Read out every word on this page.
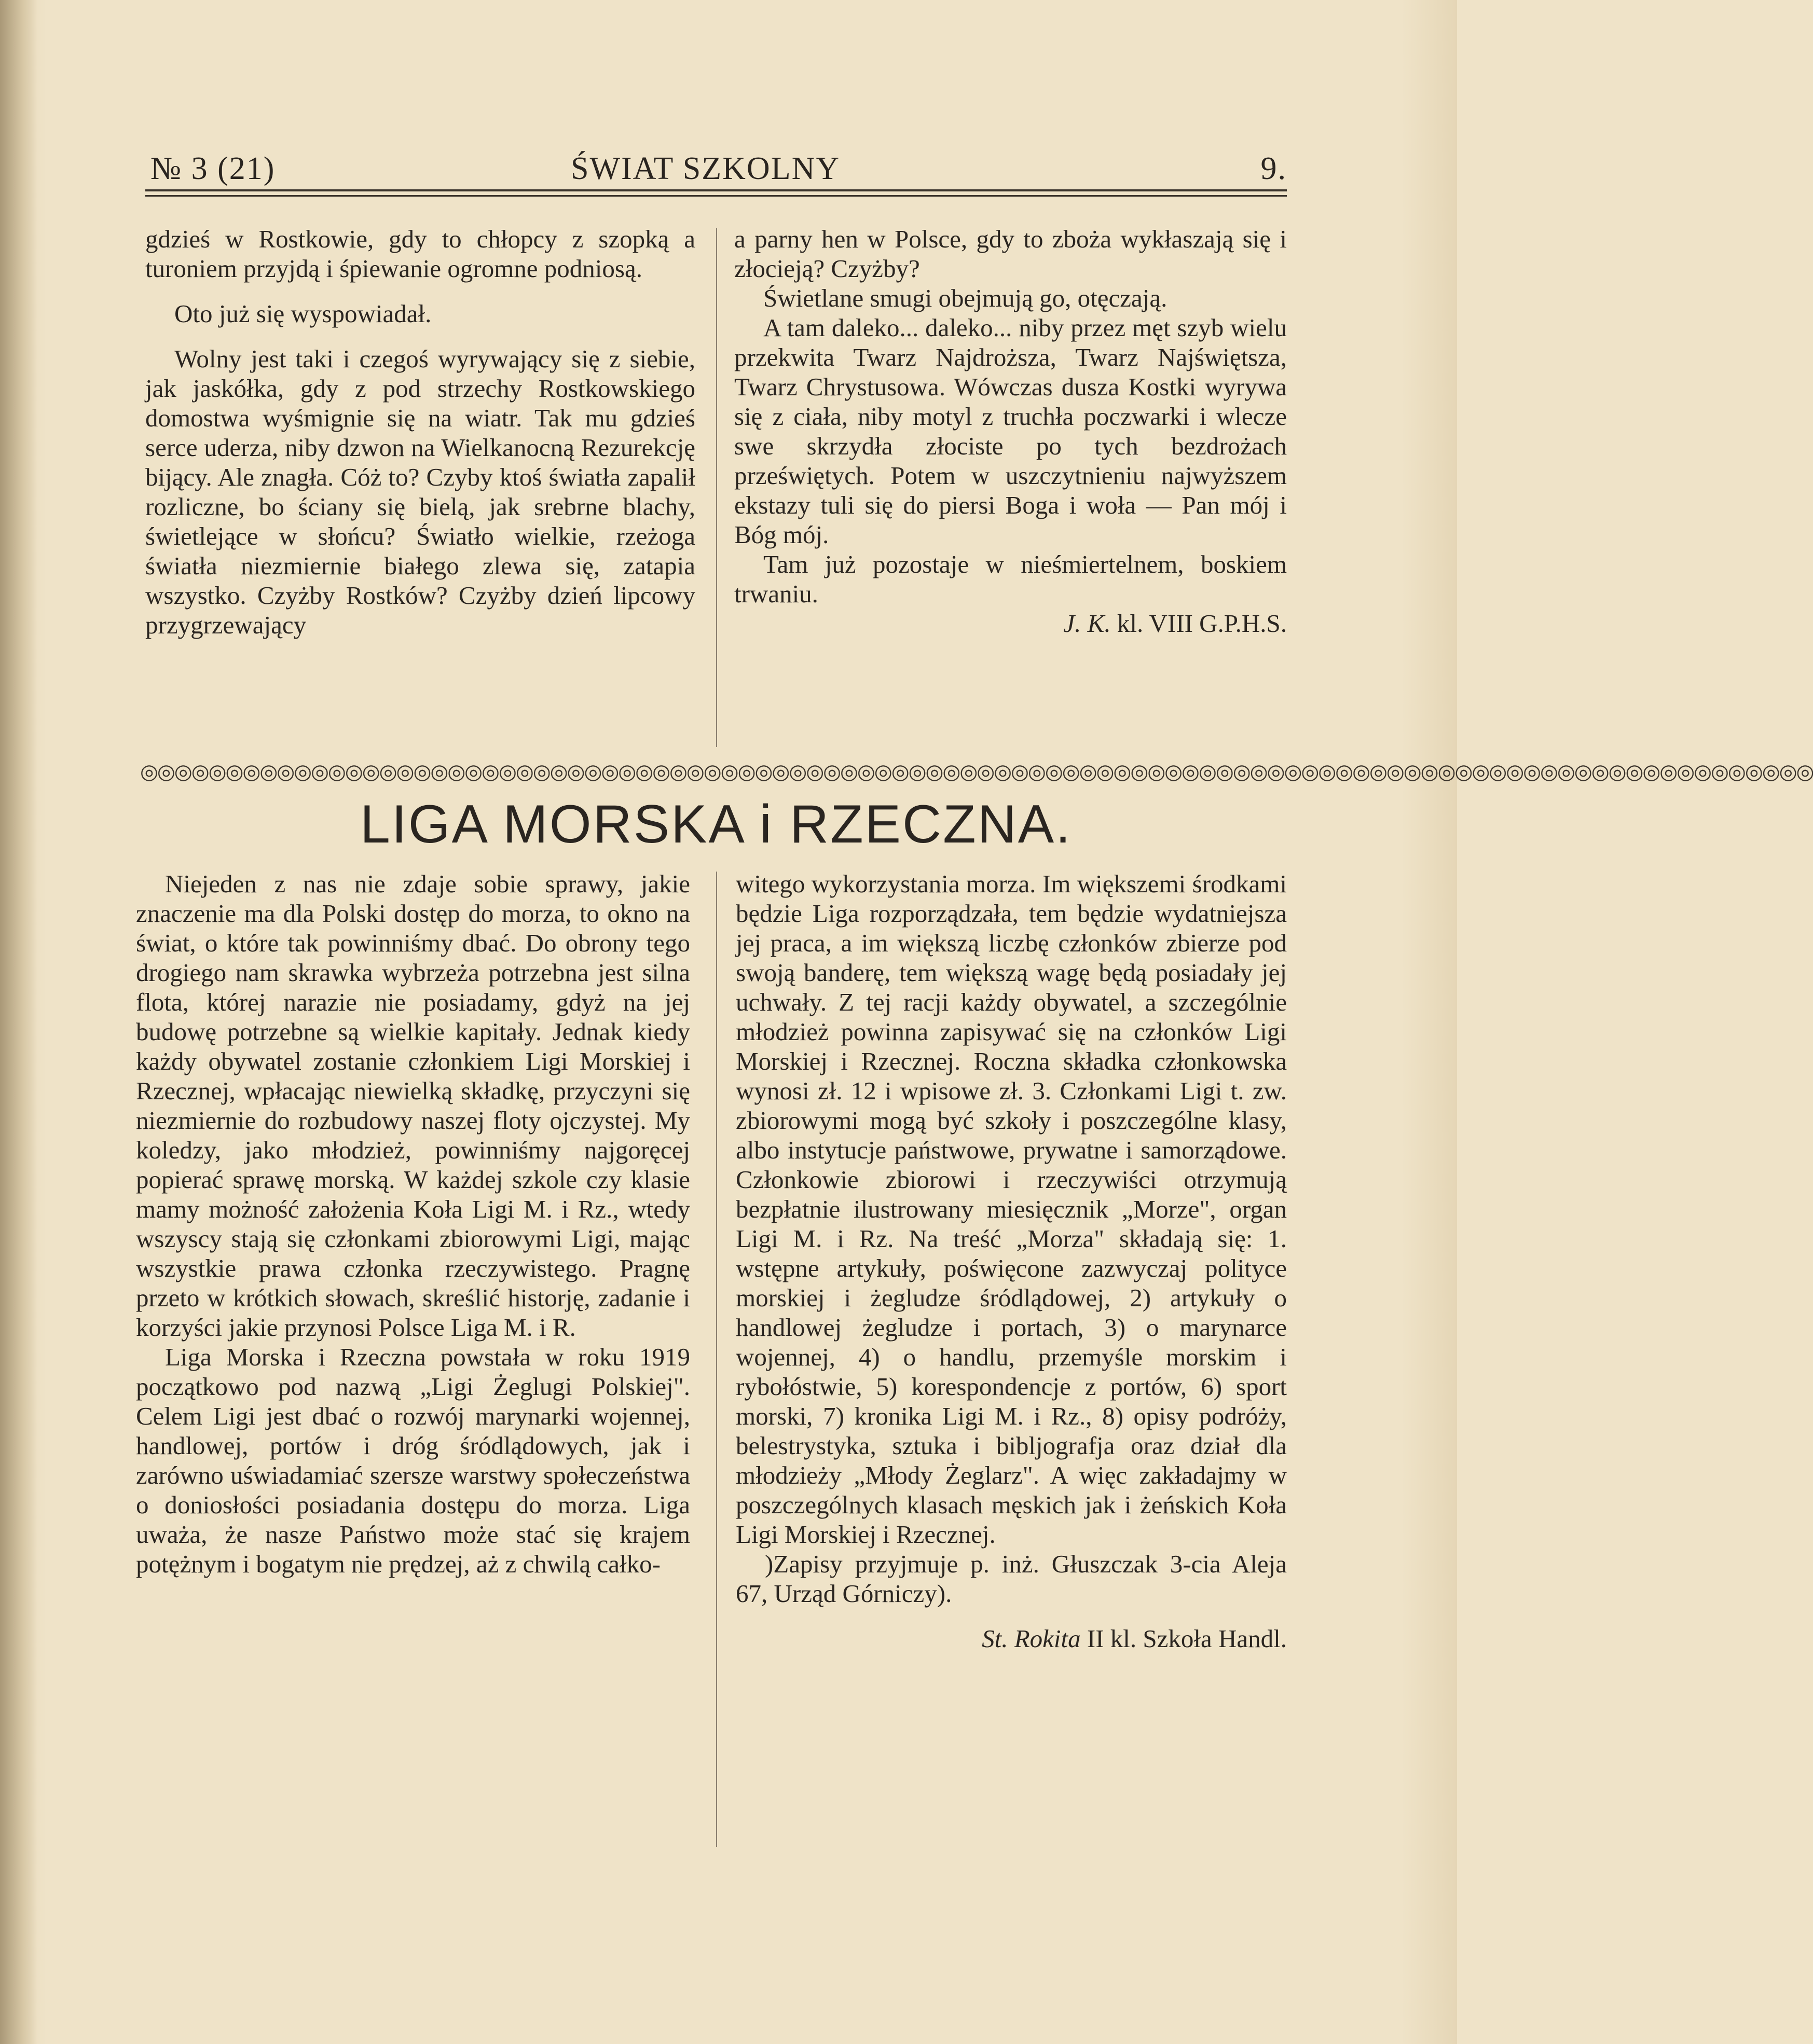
№ 3 (21)	ŚWIAT SZKOLNY	9.

gdzieś w Rostkowie, gdy to chłopcy z szopką a turoniem przyjdą i śpiewanie ogromne podniosą.

Oto już się wyspowiadał.

Wolny jest taki i czegoś wyrywający się z siebie, jak jaskółka, gdy z pod strzechy Rostkowskiego domostwa wyśmignie się na wiatr. Tak mu gdzieś serce uderza, niby dzwon na Wielkanocną Rezurekcję bijący. Ale znagła. Cóż to? Czyby ktoś światła zapalił rozliczne, bo ściany się bielą, jak srebrne blachy, świetlejące w słońcu? Światło wielkie, rzeżoga światła niezmiernie białego zlewa się, zatapia wszystko. Czyżby Rostków? Czyżby dzień lipcowy przygrzewający

a parny hen w Polsce, gdy to zboża wykłaszają się i złocieją? Czyżby?

Świetlane smugi obejmują go, otęczają.

A tam daleko... daleko... niby przez męt szyb wielu przekwita Twarz Najdroższa, Twarz Najświętsza, Twarz Chrystusowa. Wówczas dusza Kostki wyrywa się z ciała, niby motyl z truchła poczwarki i wlecze swe skrzydła złociste po tych bezdrożach przeświętych. Potem w uszczytnieniu najwyższem ekstazy tuli się do piersi Boga i woła — Pan mój i Bóg mój.

Tam już pozostaje w nieśmiertelnem, boskiem trwaniu.

J. K. kl. VIII G.P.H.S.

◎◎◎◎◎◎◎◎◎◎◎◎◎◎◎◎◎◎◎◎◎◎◎◎◎◎◎◎◎◎◎◎◎◎◎◎◎◎◎◎◎◎◎◎◎◎◎◎◎◎◎◎◎◎◎◎◎◎◎◎◎◎◎◎◎◎◎◎◎◎◎◎◎◎◎◎◎◎◎◎◎◎◎◎◎◎◎◎◎◎◎◎◎◎◎◎◎◎
LIGA MORSKA i RZECZNA.

Niejeden z nas nie zdaje sobie sprawy, jakie znaczenie ma dla Polski dostęp do morza, to okno na świat, o które tak powinniśmy dbać. Do obrony tego drogiego nam skrawka wybrzeża potrzebna jest silna flota, której narazie nie posiadamy, gdyż na jej budowę potrzebne są wielkie kapitały. Jednak kiedy każdy obywatel zostanie członkiem Ligi Morskiej i Rzecznej, wpłacając niewielką składkę, przyczyni się niezmiernie do rozbudowy naszej floty ojczystej. My koledzy, jako młodzież, powinniśmy najgoręcej popierać sprawę morską. W każdej szkole czy klasie mamy możność założenia Koła Ligi M. i Rz., wtedy wszyscy stają się członkami zbiorowymi Ligi, mając wszystkie prawa członka rzeczywistego. Pragnę przeto w krótkich słowach, skreślić historję, zadanie i korzyści jakie przynosi Polsce Liga M. i R.

Liga Morska i Rzeczna powstała w roku 1919 początkowo pod nazwą „Ligi Żeglugi Polskiej". Celem Ligi jest dbać o rozwój marynarki wojennej, handlowej, portów i dróg śródlądowych, jak i zarówno uświadamiać szersze warstwy społeczeństwa o doniosłości posiadania dostępu do morza. Liga uważa, że nasze Państwo może stać się krajem potężnym i bogatym nie prędzej, aż z chwilą całko-

witego wykorzystania morza. Im większemi środkami będzie Liga rozporządzała, tem będzie wydatniejsza jej praca, a im większą liczbę członków zbierze pod swoją banderę, tem większą wagę będą posiadały jej uchwały. Z tej racji każdy obywatel, a szczególnie młodzież powinna zapisywać się na członków Ligi Morskiej i Rzecznej. Roczna składka członkowska wynosi zł. 12 i wpisowe zł. 3. Członkami Ligi t. zw. zbiorowymi mogą być szkoły i poszczególne klasy, albo instytucje państwowe, prywatne i samorządowe. Członkowie zbiorowi i rzeczywiści otrzymują bezpłatnie ilustrowany miesięcznik „Morze", organ Ligi M. i Rz. Na treść „Morza" składają się: 1. wstępne artykuły, poświęcone zazwyczaj polityce morskiej i żegludze śródlądowej, 2) artykuły o handlowej żegludze i portach, 3) o marynarce wojennej, 4) o handlu, przemyśle morskim i rybołóstwie, 5) korespondencje z portów, 6) sport morski, 7) kronika Ligi M. i Rz., 8) opisy podróży, belestrystyka, sztuka i bibljografja oraz dział dla młodzieży „Młody Żeglarz". A więc zakładajmy w poszczególnych klasach męskich jak i żeńskich Koła Ligi Morskiej i Rzecznej.

)Zapisy przyjmuje p. inż. Głuszczak 3-cia Aleja 67, Urząd Górniczy).

St. Rokita II kl. Szkoła Handl.
